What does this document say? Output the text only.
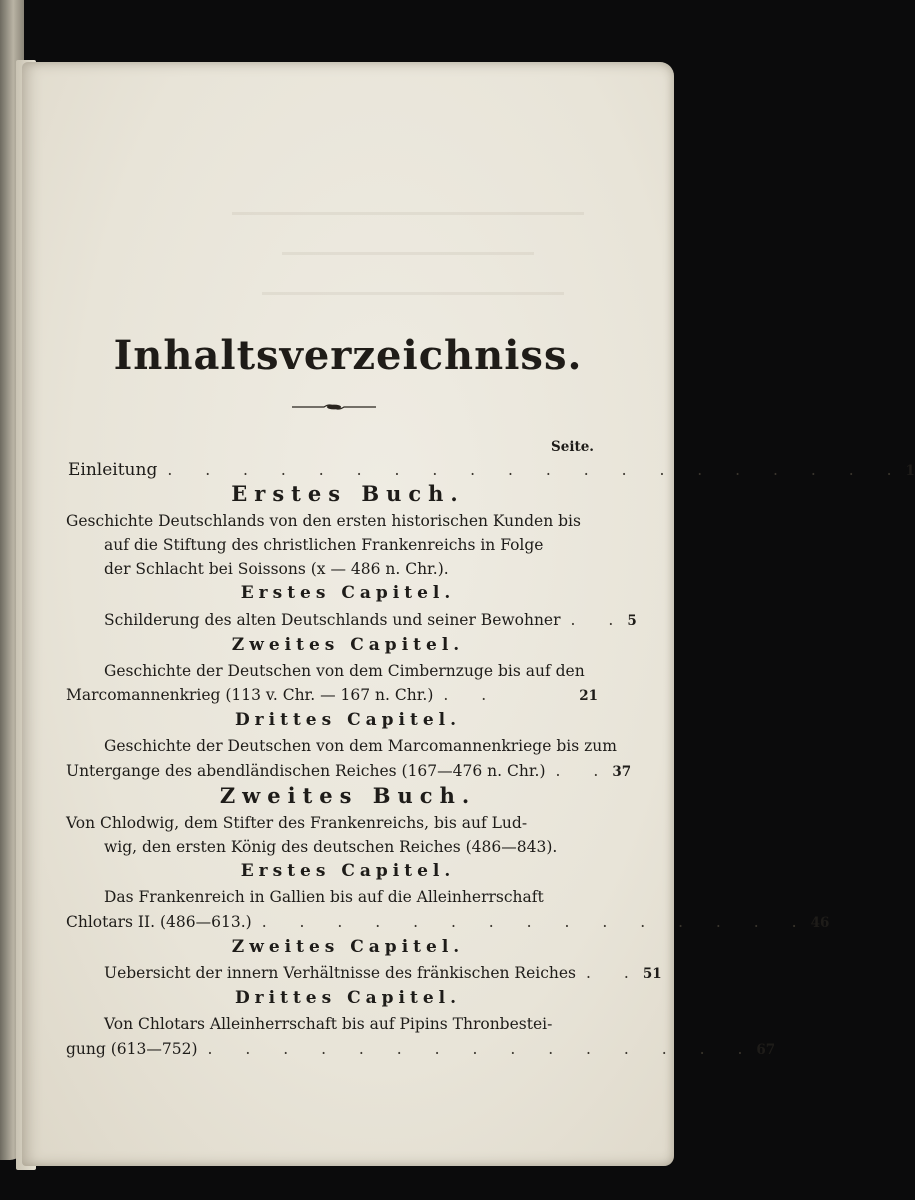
Inhaltsverzeichniss.
Seite.
Einleitung . . . . . . . . . . . . . . . . . . . . 1
Erstes Buch.
Geschichte Deutschlands von den ersten historischen Kunden bis
auf die Stiftung des christlichen Frankenreichs in Folge
der Schlacht bei Soissons (x — 486 n. Chr.).
Erstes Capitel.
Schilderung des alten Deutschlands und seiner Bewohner . . 5
Zweites Capitel.
Geschichte der Deutschen von dem Cimbernzuge bis auf den
Marcomannenkrieg (113 v. Chr. — 167 n. Chr.) . .	21
Drittes Capitel.
Geschichte der Deutschen von dem Marcomannenkriege bis zum
Untergange des abendländischen Reiches (167—476 n. Chr.) . . 37
Zweites Buch.
Von Chlodwig, dem Stifter des Frankenreichs, bis auf Lud-
wig, den ersten König des deutschen Reiches (486—843).
Erstes Capitel.
Das Frankenreich in Gallien bis auf die Alleinherrschaft
Chlotars II. (486—613.) . . . . . . . . . . . . . . . 46
Zweites Capitel.
Uebersicht der innern Verhältnisse des fränkischen Reiches . . 51
Drittes Capitel.
Von Chlotars Alleinherrschaft bis auf Pipins Thronbestei-
gung (613—752) . . . . . . . . . . . . . . . 67
